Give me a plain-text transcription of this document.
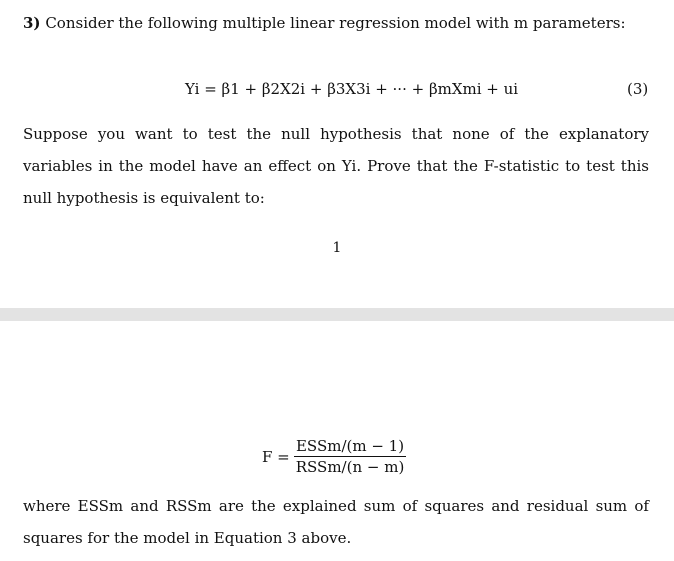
3) Consider the following multiple linear regression model with m parameters:
Yi = β1 + β2X2i + β3X3i + ··· + βmXmi + ui	(3)
Suppose you want to test the null hypothesis that none of the explanatory variables in the model have an effect on Yi. Prove that the F-statistic to test this null hypothesis is equivalent to:
1
$F = \frac{\text{ESSm/(m − 1)}}{\text{RSSm/(n − m)}}$
where ESSm and RSSm are the explained sum of squares and residual sum of squares for the model in Equation 3 above.
